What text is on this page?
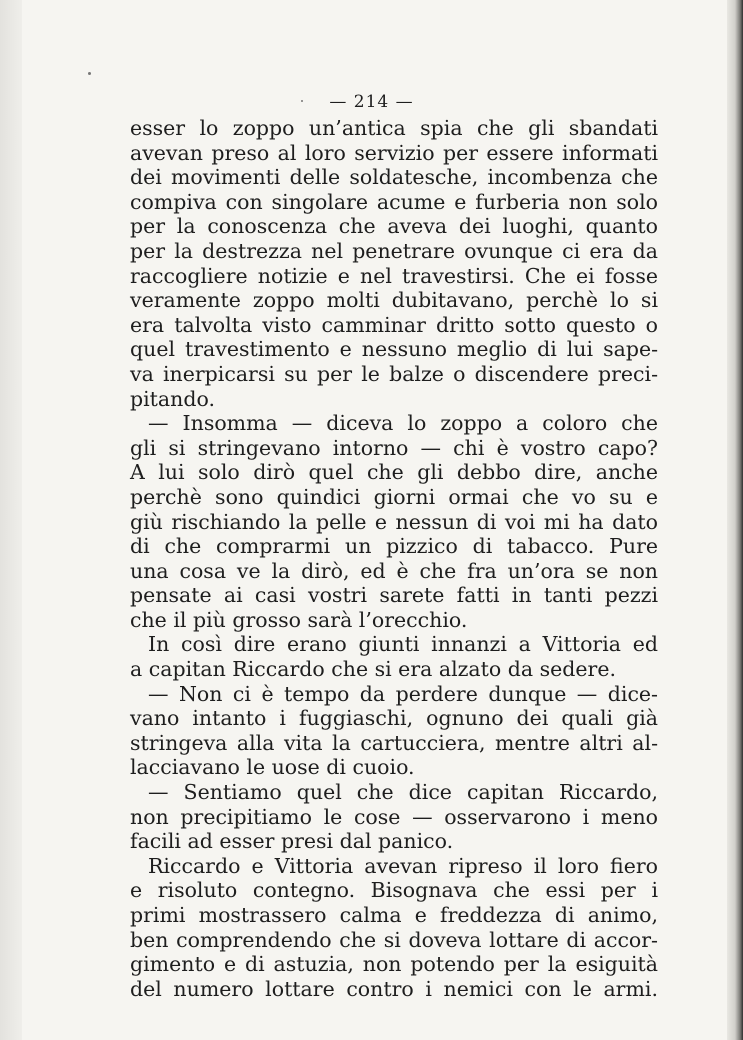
— 214 —
esser lo zoppo un’antica spia che gli sbandati
avevan preso al loro servizio per essere informati
dei movimenti delle soldatesche, incombenza che
compiva con singolare acume e furberia non solo
per la conoscenza che aveva dei luoghi, quanto
per la destrezza nel penetrare ovunque ci era da
raccogliere notizie e nel travestirsi. Che ei fosse
veramente zoppo molti dubitavano, perchè lo si
era talvolta visto camminar dritto sotto questo o
quel travestimento e nessuno meglio di lui sape-
va inerpicarsi su per le balze o discendere preci-
pitando.
— Insomma — diceva lo zoppo a coloro che
gli si stringevano intorno — chi è vostro capo?
A lui solo dirò quel che gli debbo dire, anche
perchè sono quindici giorni ormai che vo su e
giù rischiando la pelle e nessun di voi mi ha dato
di che comprarmi un pizzico di tabacco. Pure
una cosa ve la dirò, ed è che fra un’ora se non
pensate ai casi vostri sarete fatti in tanti pezzi
che il più grosso sarà l’orecchio.
In così dire erano giunti innanzi a Vittoria ed
a capitan Riccardo che si era alzato da sedere.
— Non ci è tempo da perdere dunque — dice-
vano intanto i fuggiaschi, ognuno dei quali già
stringeva alla vita la cartucciera, mentre altri al-
lacciavano le uose di cuoio.
— Sentiamo quel che dice capitan Riccardo,
non precipitiamo le cose — osservarono i meno
facili ad esser presi dal panico.
Riccardo e Vittoria avevan ripreso il loro fiero
e risoluto contegno. Bisognava che essi per i
primi mostrassero calma e freddezza di animo,
ben comprendendo che si doveva lottare di accor-
gimento e di astuzia, non potendo per la esiguità
del numero lottare contro i nemici con le armi.
